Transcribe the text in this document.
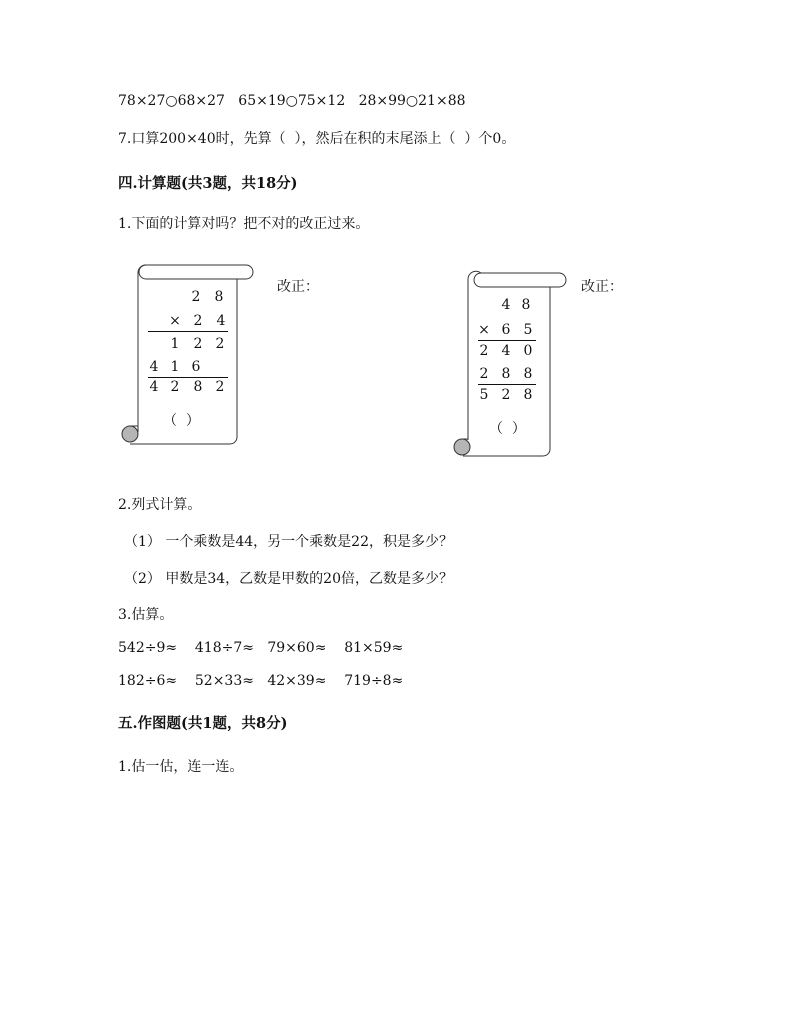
78×27○68×27   65×19○75×12   28×99○21×88
7.口算200×40时，先算（  ），然后在积的末尾添上（  ）个0。
四.计算题(共3题，共18分)
1.下面的计算对吗？把不对的改正过来。
2 8
× 2 4
1 2 2
4 1 6
4 2 8 2
（  ）
改正：
4 8
× 6 5
2 4 0
2 8 8
5 2 8
（  ）
改正：
2.列式计算。
（1） 一个乘数是44，另一个乘数是22，积是多少？
（2） 甲数是34，乙数是甲数的20倍，乙数是多少？
3.估算。
542÷9≈    418÷7≈   79×60≈    81×59≈
182÷6≈    52×33≈   42×39≈    719÷8≈
五.作图题(共1题，共8分)
1.估一估，连一连。
